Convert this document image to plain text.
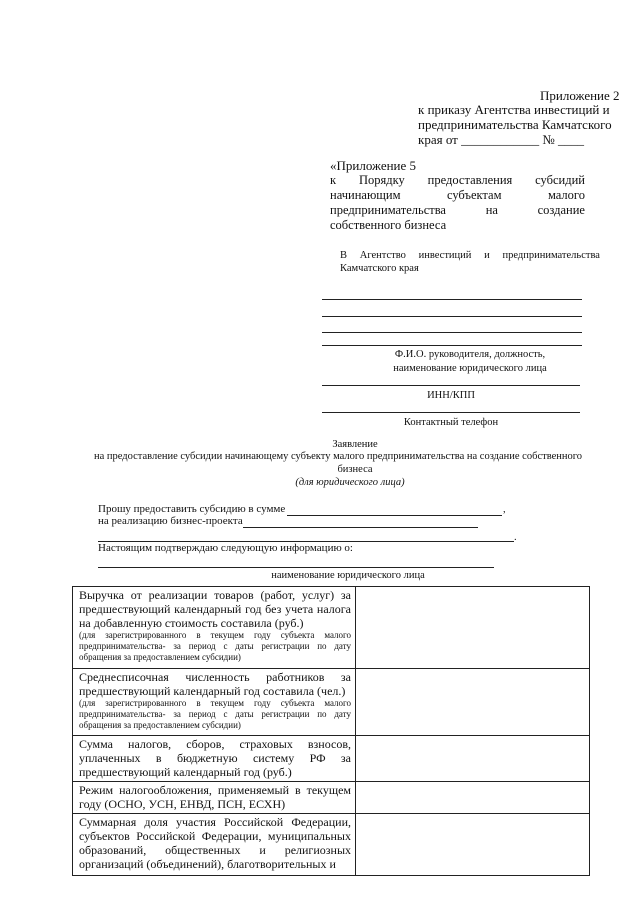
Приложение 2
к приказу Агентства инвестиций и
предпринимательства Камчатского
края от ____________ № ____
«Приложение 5
к Порядку предоставления субсидий
начинающим	субъектам	малого
предпринимательства	на	создание
собственного бизнеса
В Агентство инвестиций и предпринимательства
Камчатского края
Ф.И.О. руководителя, должность,
наименование юридического лица
ИНН/КПП
Контактный телефон
Заявление
на предоставление субсидии начинающему субъекту малого предпринимательства на создание собственного
бизнеса
(для юридического лица)
Прошу предоставить субсидию в сумме	,
на реализацию бизнес-проекта
.
Настоящим подтверждаю следующую информацию о:
наименование юридического лица
Выручка от реализации товаров (работ, услуг) за предшествующий календарный год без учета налога на добавленную стоимость составила (руб.)
(для зарегистрированного в текущем году субъекта малого предпринимательства- за период с даты регистрации по дату обращения за предоставлением субсидии)	

Среднесписочная численность работников за предшествующий календарный год составила (чел.)
(для зарегистрированного в текущем году субъекта малого предпринимательства- за период с даты регистрации по дату обращения за предоставлением субсидии)	

Сумма налогов, сборов, страховых взносов, уплаченных в бюджетную систему РФ за предшествующий календарный год (руб.)	

Режим налогообложения, применяемый в текущем году (ОСНО, УСН, ЕНВД, ПСН, ЕСХН)	

Суммарная доля участия Российской Федерации, субъектов Российской Федерации, муниципальных образований, общественных и религиозных организаций (объединений), благотворительных и	
